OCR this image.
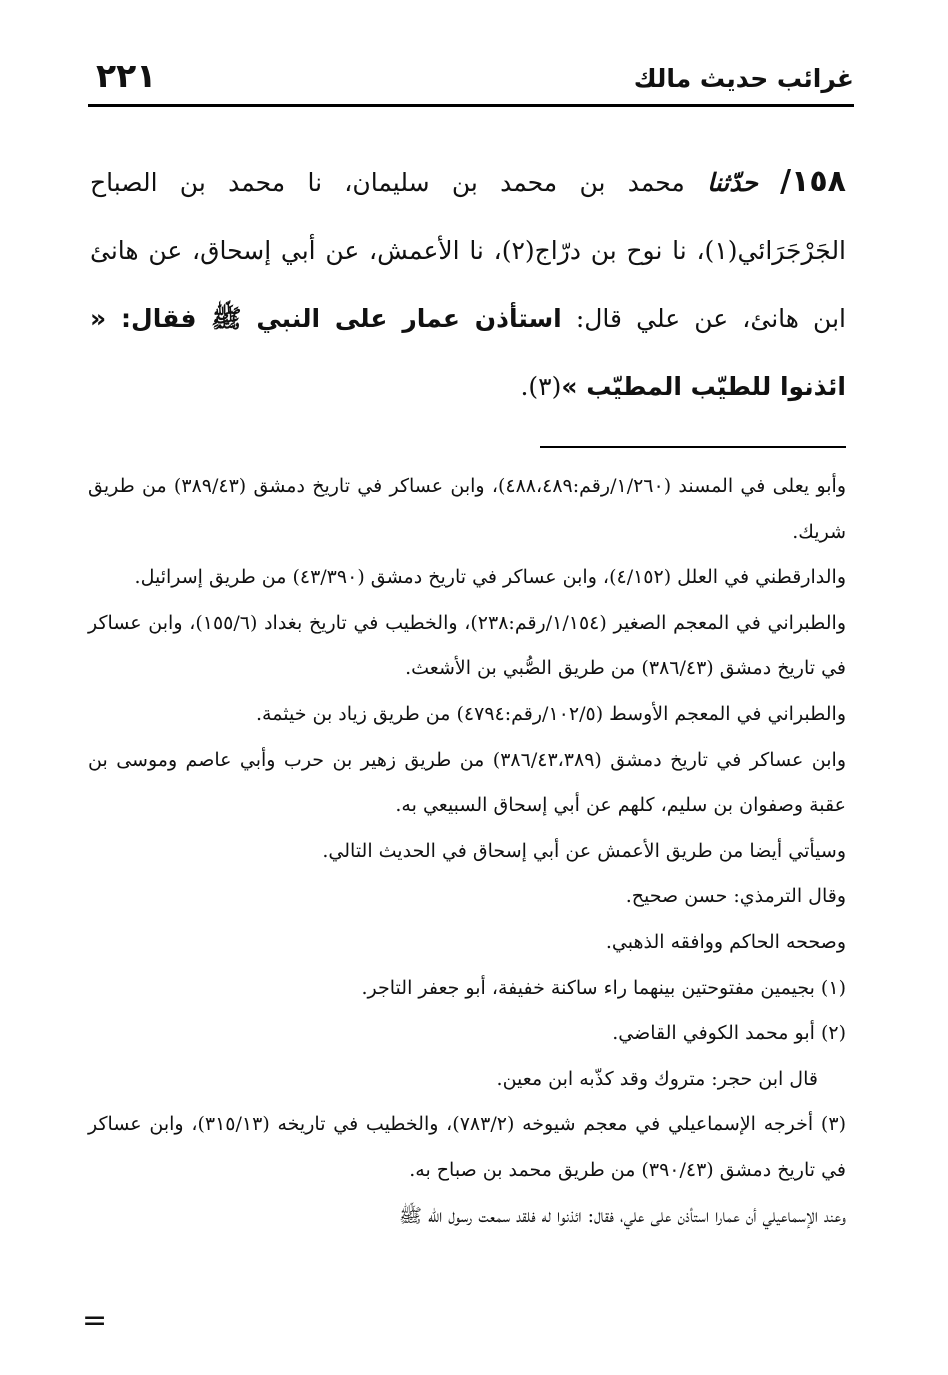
غرائب حديث مالك
٢٢١
١٥٨/ حدّثنا محمد بن محمد بن سليمان، نا محمد بن الصباح الجَرْجَرَائي(١)، نا نوح بن درّاج(٢)، نا الأعمش، عن أبي إسحاق، عن هانئ ابن هانئ، عن علي قال: استأذن عمار على النبي ﷺ فقال: « ائذنوا للطيّب المطيّب »(٣).

وأبو يعلى في المسند (١/٢٦٠/رقم:٤٨٨،٤٨٩)، وابن عساكر في تاريخ دمشق (٣٨٩/٤٣) من طريق شريك.

والدارقطني في العلل (٤/١٥٢)، وابن عساكر في تاريخ دمشق (٤٣/٣٩٠) من طريق إسرائيل.

والطبراني في المعجم الصغير (١/١٥٤/رقم:٢٣٨)، والخطيب في تاريخ بغداد (١٥٥/٦)، وابن عساكر في تاريخ دمشق (٣٨٦/٤٣) من طريق الصُّبي بن الأشعث.

والطبراني في المعجم الأوسط (١٠٢/٥/رقم:٤٧٩٤) من طريق زياد بن خيثمة.

وابن عساكر في تاريخ دمشق (٣٨٦/٤٣،٣٨٩) من طريق زهير بن حرب وأبي عاصم وموسى بن عقبة وصفوان بن سليم، كلهم عن أبي إسحاق السبيعي به.

وسيأتي أيضا من طريق الأعمش عن أبي إسحاق في الحديث التالي.

وقال الترمذي: حسن صحيح.

وصححه الحاكم ووافقه الذهبي.

(١) بجيمين مفتوحتين بينهما راء ساكنة خفيفة، أبو جعفر التاجر.

(٢) أبو محمد الكوفي القاضي.

قال ابن حجر: متروك وقد كذّبه ابن معين.

(٣) أخرجه الإسماعيلي في معجم شيوخه (٧٨٣/٢)، والخطيب في تاريخه (٣١٥/١٣)، وابن عساكر في تاريخ دمشق (٣٩٠/٤٣) من طريق محمد بن صباح به.

وعند الإسماعيلي أن عمارا استأذن على علي، فقال: ائذنوا له فلقد سمعت رسول الله ﷺ

=
